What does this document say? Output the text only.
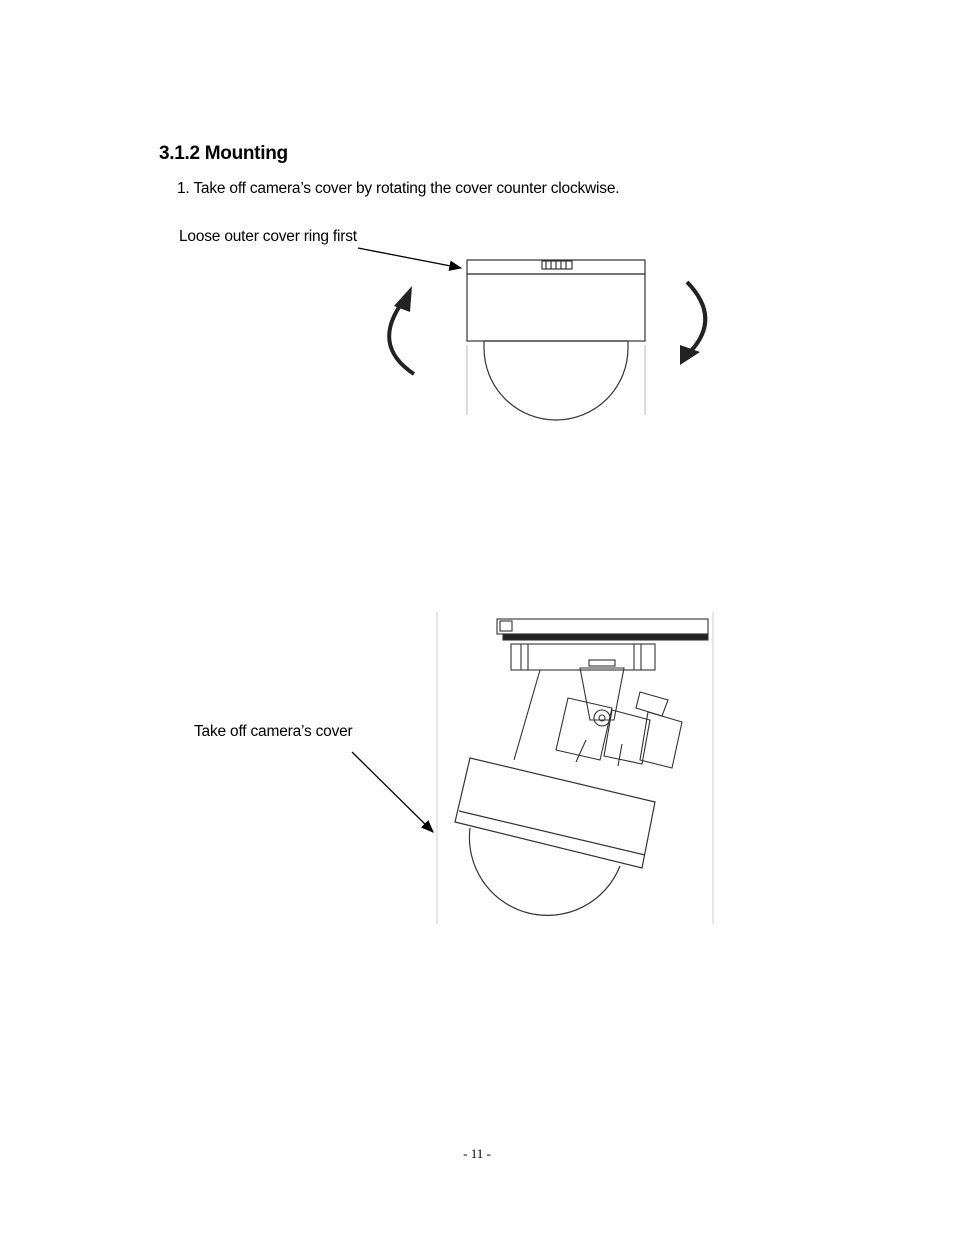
3.1.2 Mounting
1. Take off camera’s cover by rotating the cover counter clockwise.
Loose outer cover ring first
Take off camera’s cover
- 11 -
